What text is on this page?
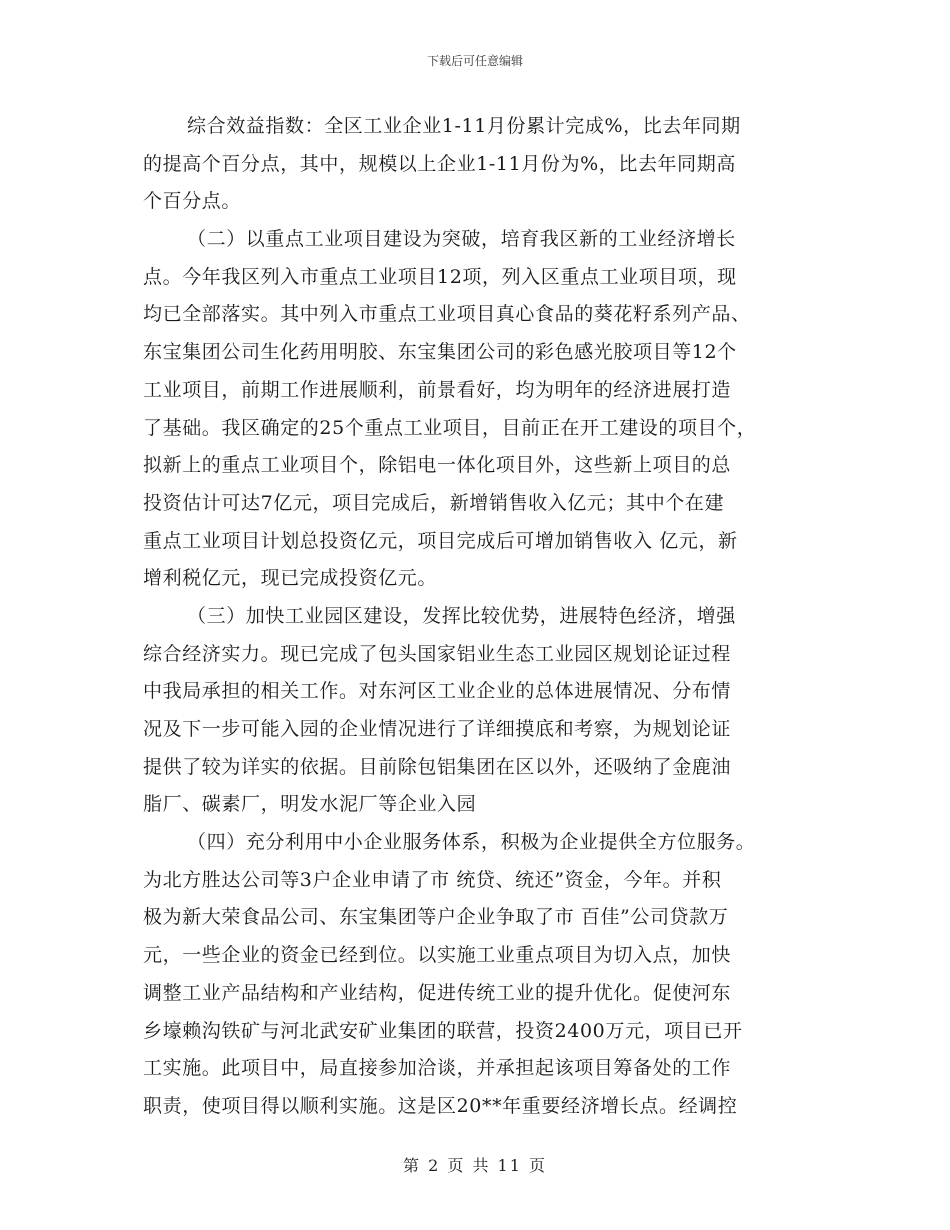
下载后可任意编辑
综合效益指数：全区工业企业1-11月份累计完成%，比去年同期
的提高个百分点，其中，规模以上企业1-11月份为%，比去年同期高
个百分点。
（二）以重点工业项目建设为突破，培育我区新的工业经济增长
点。今年我区列入市重点工业项目12项，列入区重点工业项目项，现
均已全部落实。其中列入市重点工业项目真心食品的葵花籽系列产品、
东宝集团公司生化药用明胶、东宝集团公司的彩色感光胶项目等12个
工业项目，前期工作进展顺利，前景看好，均为明年的经济进展打造
了基础。我区确定的25个重点工业项目，目前正在开工建设的项目个，
拟新上的重点工业项目个，除铝电一体化项目外，这些新上项目的总
投资估计可达7亿元，项目完成后，新增销售收入亿元；其中个在建
重点工业项目计划总投资亿元，项目完成后可增加销售收入 亿元，新
增利税亿元，现已完成投资亿元。
（三）加快工业园区建设，发挥比较优势，进展特色经济，增强
综合经济实力。现已完成了包头国家铝业生态工业园区规划论证过程
中我局承担的相关工作。对东河区工业企业的总体进展情况、分布情
况及下一步可能入园的企业情况进行了详细摸底和考察，为规划论证
提供了较为详实的依据。目前除包铝集团在区以外，还吸纳了金鹿油
脂厂、碳素厂，明发水泥厂等企业入园
（四）充分利用中小企业服务体系，积极为企业提供全方位服务。
为北方胜达公司等3户企业申请了市 统贷、统还”资金，今年。并积
极为新大荣食品公司、东宝集团等户企业争取了市 百佳”公司贷款万
元，一些企业的资金已经到位。以实施工业重点项目为切入点，加快
调整工业产品结构和产业结构，促进传统工业的提升优化。促使河东
乡壕赖沟铁矿与河北武安矿业集团的联营，投资2400万元，项目已开
工实施。此项目中，局直接参加洽谈，并承担起该项目筹备处的工作
职责，使项目得以顺利实施。这是区20**年重要经济增长点。经调控
第 2 页 共 11 页
